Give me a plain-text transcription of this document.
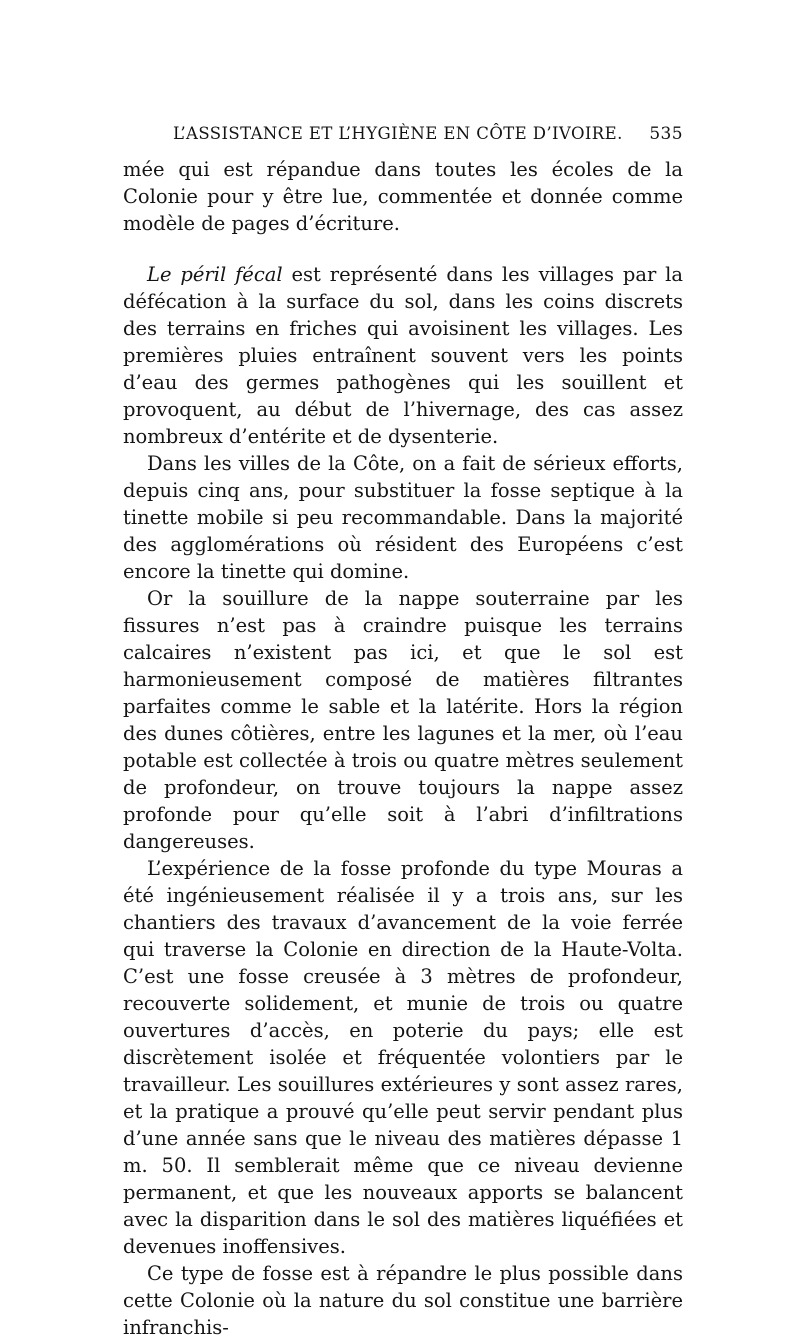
L’ASSISTANCE ET L’HYGIÈNE EN CÔTE D’IVOIRE. 535

mée qui est répandue dans toutes les écoles de la Colonie pour y être lue, commentée et donnée comme modèle de pages d’écriture.

Le péril fécal est représenté dans les villages par la défécation à la surface du sol, dans les coins discrets des terrains en friches qui avoisinent les villages. Les premières pluies entraînent souvent vers les points d’eau des germes pathogènes qui les souillent et provoquent, au début de l’hivernage, des cas assez nombreux d’entérite et de dysenterie.

Dans les villes de la Côte, on a fait de sérieux efforts, depuis cinq ans, pour substituer la fosse septique à la tinette mobile si peu recommandable. Dans la majorité des agglomérations où résident des Européens c’est encore la tinette qui domine.

Or la souillure de la nappe souterraine par les fissures n’est pas à craindre puisque les terrains calcaires n’existent pas ici, et que le sol est harmonieusement composé de matières filtrantes parfaites comme le sable et la latérite. Hors la région des dunes côtières, entre les lagunes et la mer, où l’eau potable est collectée à trois ou quatre mètres seulement de profondeur, on trouve toujours la nappe assez profonde pour qu’elle soit à l’abri d’infiltrations dangereuses.

L’expérience de la fosse profonde du type Mouras a été ingénieusement réalisée il y a trois ans, sur les chantiers des travaux d’avancement de la voie ferrée qui traverse la Colonie en direction de la Haute-Volta. C’est une fosse creusée à 3 mètres de profondeur, recouverte solidement, et munie de trois ou quatre ouvertures d’accès, en poterie du pays; elle est discrètement isolée et fréquentée volontiers par le travailleur. Les souillures extérieures y sont assez rares, et la pratique a prouvé qu’elle peut servir pendant plus d’une année sans que le niveau des matières dépasse 1 m. 50. Il semblerait même que ce niveau devienne permanent, et que les nouveaux apports se balancent avec la disparition dans le sol des matières liquéfiées et devenues inoffensives.

Ce type de fosse est à répandre le plus possible dans cette Colonie où la nature du sol constitue une barrière infranchis-
